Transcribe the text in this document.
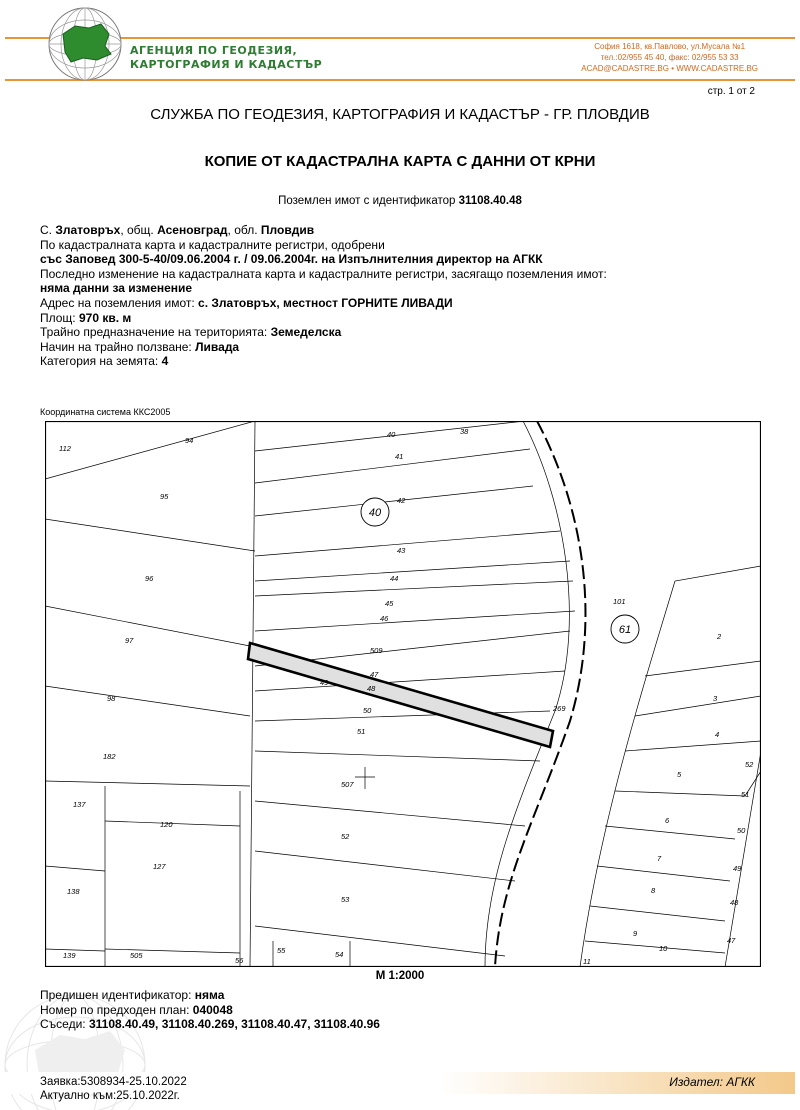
АГЕНЦИЯ ПО ГЕОДЕЗИЯ,
КАРТОГРАФИЯ И КАДАСТЪР
София 1618, кв.Павлово, ул.Мусала №1
тел.:02/955 45 40, факс: 02/955 53 33
ACAD@CADASTRE.BG • WWW.CADASTRE.BG
стр. 1 от 2
СЛУЖБА ПО ГЕОДЕЗИЯ, КАРТОГРАФИЯ И КАДАСТЪР - ГР. ПЛОВДИВ
КОПИЕ ОТ КАДАСТРАЛНА КАРТА С ДАННИ ОТ КРНИ
Поземлен имот с идентификатор 31108.40.48
С. Златовръх, общ. Асеновград, обл. Пловдив
По кадастралната карта и кадастралните регистри, одобрени
със Заповед 300-5-40/09.06.2004 г. / 09.06.2004г. на Изпълнителния директор на АГКК
Последно изменение на кадастралната карта и кадастралните регистри, засягащо поземления имот:
няма данни за изменение
Адрес на поземления имот: с. Златовръх, местност ГОРНИТЕ ЛИВАДИ
Площ: 970 кв. м
Трайно предназначение на територията: Земеделска
Начин на трайно ползване: Ливада
Категория на земята: 4
Координатна система ККС2005
40
61
112
94
95
96
97
98
182
137
120
127
138
139	505
56
55	54
40
41
42
43
44
45
46
509
47
48
49
50
51
507
52
53
38
269
101
2
3
4
5
6
7
8
9
10
11
47
48
49
50
51
52
М 1:2000
Предишен идентификатор: няма
Номер по предходен план: 040048
Съседи: 31108.40.49, 31108.40.269, 31108.40.47, 31108.40.96
Заявка:5308934-25.10.2022
Актуално към:25.10.2022г.
Издател: АГКК
